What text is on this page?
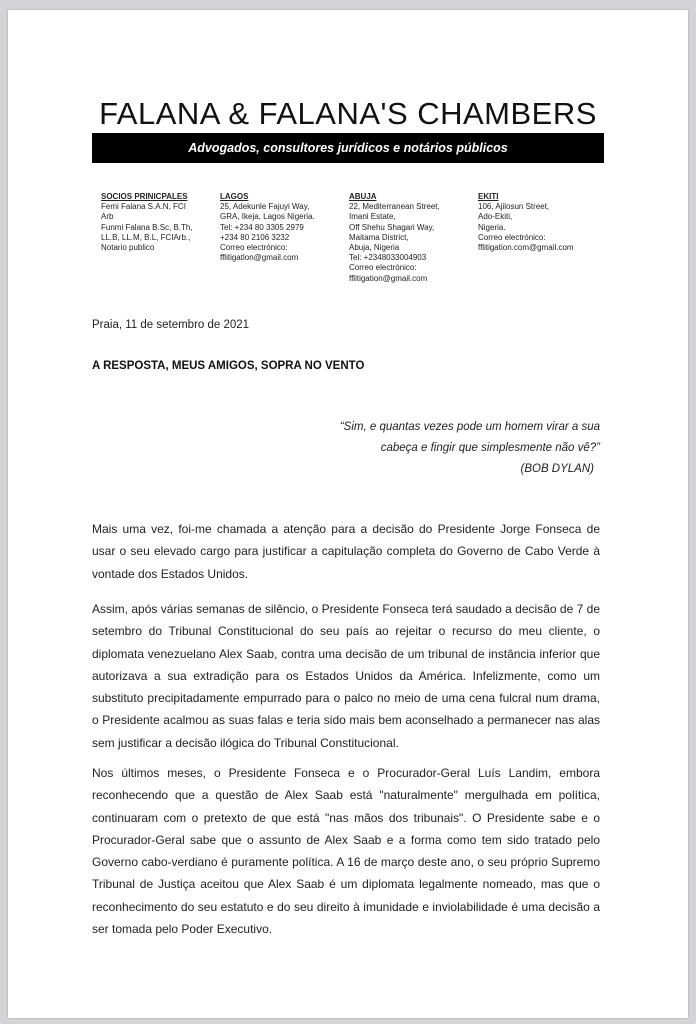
FALANA & FALANA'S CHAMBERS
Advogados, consultores jurídicos e notários públicos
SOCIOS PRINICPALES
Femi Falana S.A.N, FCI
Arb
Funmi Falana B.Sc, B.Th,
LL.B, LL.M, B.L, FCIArb.,
Notario publico
LAGOS
25, Adekunle Fajuyi Way,
GRA, Ikeja, Lagos Nigeria.
Tel: +234 80 3305 2979
+234 80 2106 3232
Correo electrónico:
fflitigatlon@gmail.com
ABUJA
22, Mediterranean Street,
Imani Estate,
Off Shehu Shagari Way,
Maitama District,
Abuja, Nigeria
Tel: +2348033004903
Correo electrónico:
fflitigation@gmail.com
EKITI
106, Ajilosun Street,
Ado-Ekiti,
Nigeria.
Correo electrónico:
fflitigation.com@gmail.com
Praia, 11 de setembro de 2021
A RESPOSTA, MEUS AMIGOS, SOPRA NO VENTO
“Sim, e quantas vezes pode um homem virar a sua cabeça e fingir que simplesmente não vê?”
(BOB DYLAN)

Mais uma vez, foi-me chamada a atenção para a decisão do Presidente Jorge Fonseca de usar o seu elevado cargo para justificar a capitulação completa do Governo de Cabo Verde à vontade dos Estados Unidos.

Assim, após várias semanas de silêncio, o Presidente Fonseca terá saudado a decisão de 7 de setembro do Tribunal Constitucional do seu país ao rejeitar o recurso do meu cliente, o diplomata venezuelano Alex Saab, contra uma decisão de um tribunal de instância inferior que autorizava a sua extradição para os Estados Unidos da América. Infelizmente, como um substituto precipitadamente empurrado para o palco no meio de uma cena fulcral num drama, o Presidente acalmou as suas falas e teria sido mais bem aconselhado a permanecer nas alas sem justificar a decisão ilógica do Tribunal Constitucional.

Nos últimos meses, o Presidente Fonseca e o Procurador-Geral Luís Landim, embora reconhecendo que a questão de Alex Saab está "naturalmente" mergulhada em política, continuaram com o pretexto de que está "nas mãos dos tribunais". O Presidente sabe e o Procurador-Geral sabe que o assunto de Alex Saab e a forma como tem sido tratado pelo Governo cabo-verdiano é puramente política. A 16 de março deste ano, o seu próprio Supremo Tribunal de Justiça aceitou que Alex Saab é um diplomata legalmente nomeado, mas que o reconhecimento do seu estatuto e do seu direito à imunidade e inviolabilidade é uma decisão a ser tomada pelo Poder Executivo.
